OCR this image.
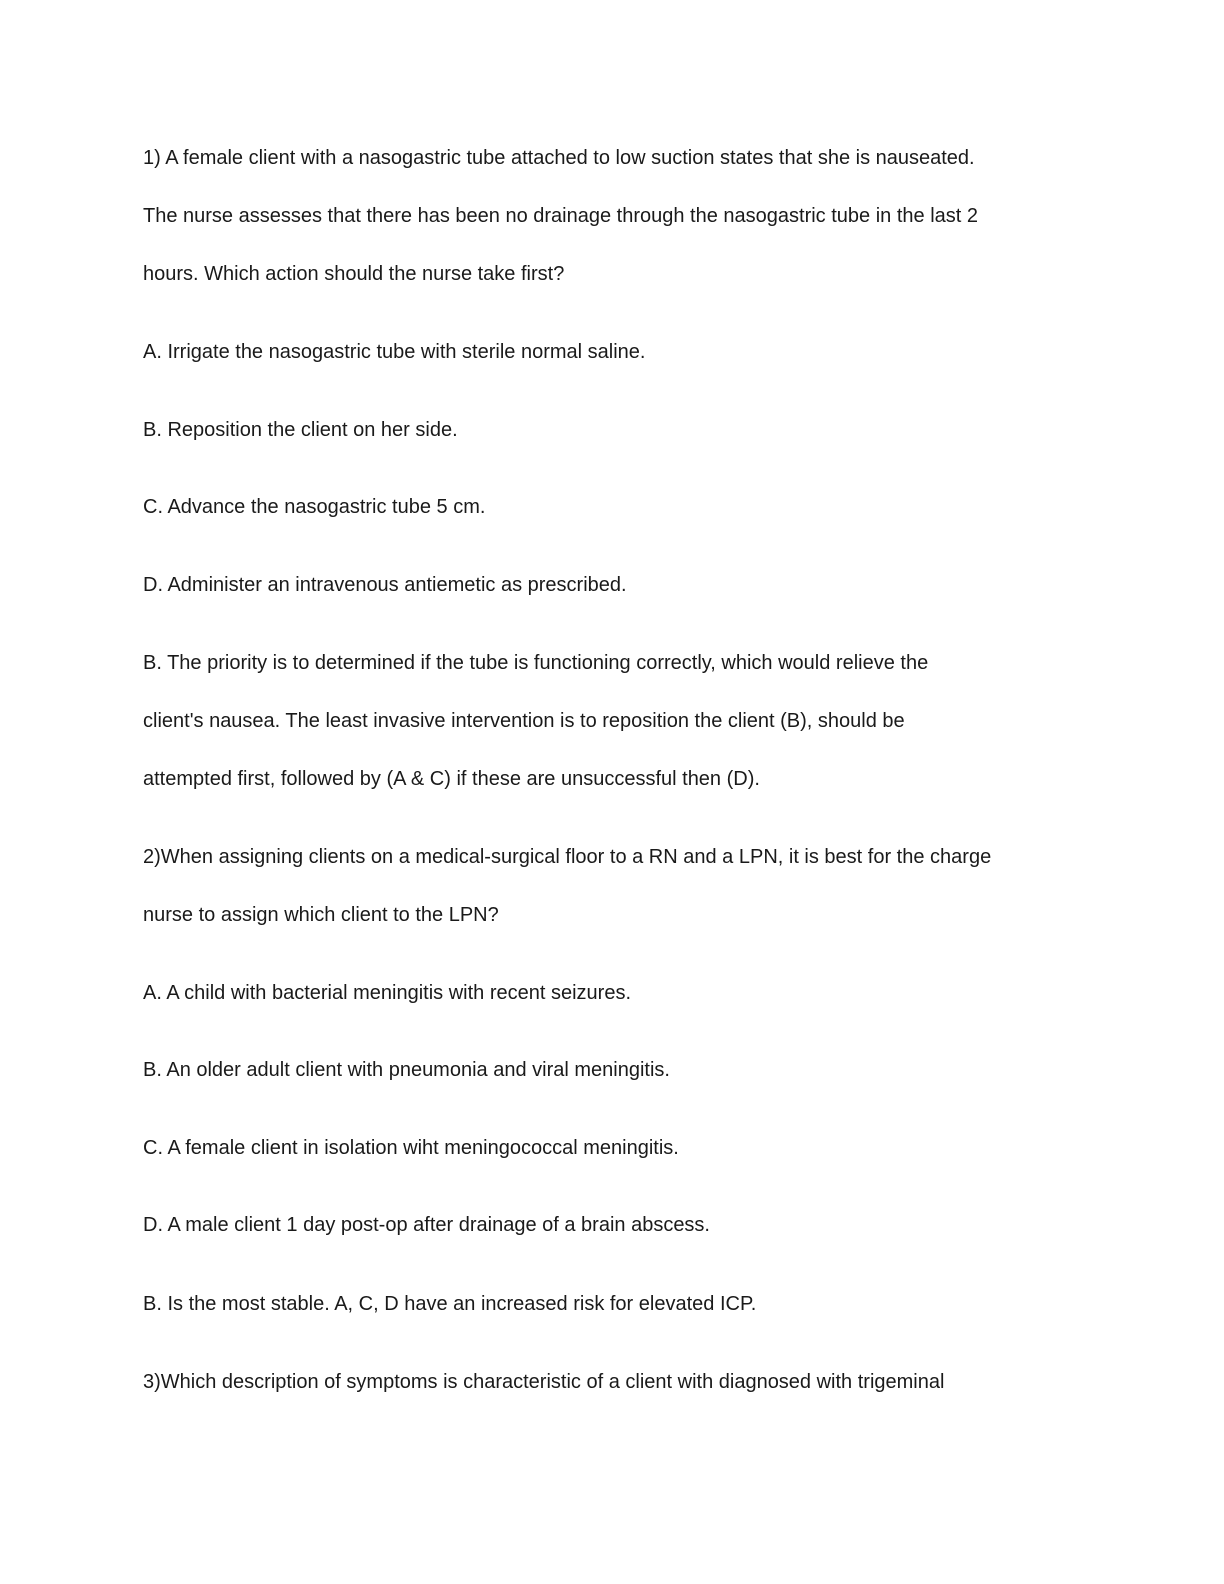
1) A female client with a nasogastric tube attached to low suction states that she is nauseated.

The nurse assesses that there has been no drainage through the nasogastric tube in the last 2

hours. Which action should the nurse take first?

A. Irrigate the nasogastric tube with sterile normal saline.

B. Reposition the client on her side.

C. Advance the nasogastric tube 5 cm.

D. Administer an intravenous antiemetic as prescribed.

B. The priority is to determined if the tube is functioning correctly, which would relieve the

client's nausea. The least invasive intervention is to reposition the client (B), should be

attempted first, followed by (A & C) if these are unsuccessful then (D).

2)When assigning clients on a medical-surgical floor to a RN and a LPN, it is best for the charge

nurse to assign which client to the LPN?

A. A child with bacterial meningitis with recent seizures.

B. An older adult client with pneumonia and viral meningitis.

C. A female client in isolation wiht meningococcal meningitis.

D. A male client 1 day post-op after drainage of a brain abscess.

B. Is the most stable. A, C, D have an increased risk for elevated ICP.

3)Which description of symptoms is characteristic of a client with diagnosed with trigeminal
